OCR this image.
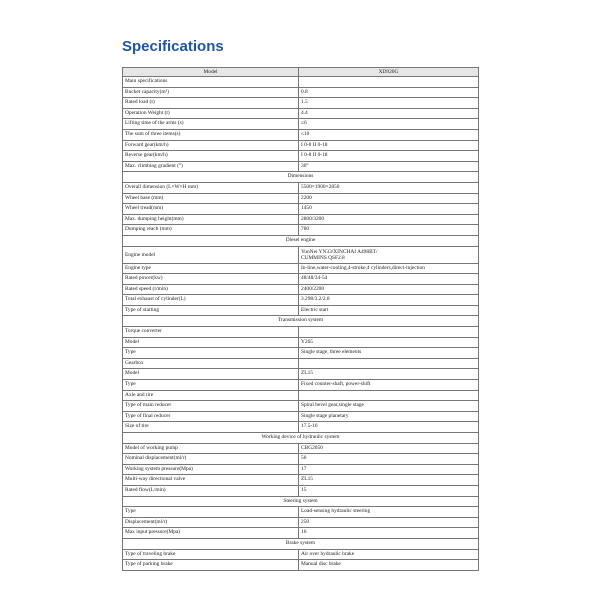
Specifications
Model	XD920G
Main specifications	
Bucket capacity(m³)	0.8
Rated load (t)	1.5
Operation Weight (t)	4.4
Lifting time of the arms (s)	≤6
The sum of three items(s)	≤10
Forward gear(km/h)	I 0-8 II 0-18
Reverse gear(km/h)	I 0-8 II 0-18
Max. climbing gradient (°)	30°
Dimensions	
Overall dimension (L×W×H mm)	5500×1900×2850
Wheel base (mm)	2200
Wheel tread(mm)	1450
Max. dumping height(mm)	2800/3200
Dumping reach (mm)	780
Diesel engine	
Engine model	YunNei YN33/XINCHAI A498BT/
CUMMINS QSF2.8

Engine type	In-line,water-cooling,4-stroke,4 cylinders,direct-injection
Rated power(kw)	48/48/34-54
Rated speed (r/min)	2400/2200
Total exhaust of cylinder(L)	3.298/3.2/2.8
Type of starting	Electric start
Transmission system	
Torque converter	
Model	Y265
Type	Single stage, three elements
Gearbox	
Model	ZL15
Type	Fixed counter-shaft, power-shift
Axle and tire	
Type of main reducer	Spiral bevel gear,single stage
Type of final reducer	Single stage planetary
Size of tire	17.5-16
Working device of hydraulic system	
Model of working pump	CBG2050
Nominal displacement(ml/r)	50
Working system pressure(Mpa)	17
Multi-way directional valve	ZL15
Rated flow(L/min)	15
Steering system	
Type	Load-sensing hydraulic steering
Displacement(ml/r)	250
Max input pressure(Mpa)	16
Brake system	
Type of traveling brake	Air over hydraulic brake
Type of parking brake	Manual disc brake
